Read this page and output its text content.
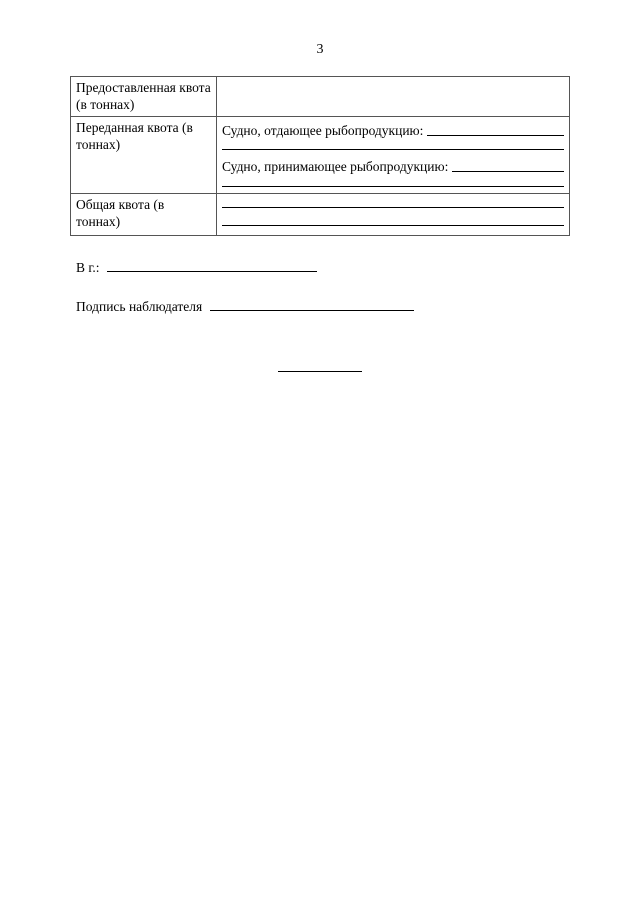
3
Предоставленная квота (в тоннах)	
Переданная квота (в тоннах)	Судно, отдающее рыбопродукцию:
Судно, принимающее рыбопродукцию:

Общая квота (в тоннах)	
В г.:
Подпись наблюдателя
